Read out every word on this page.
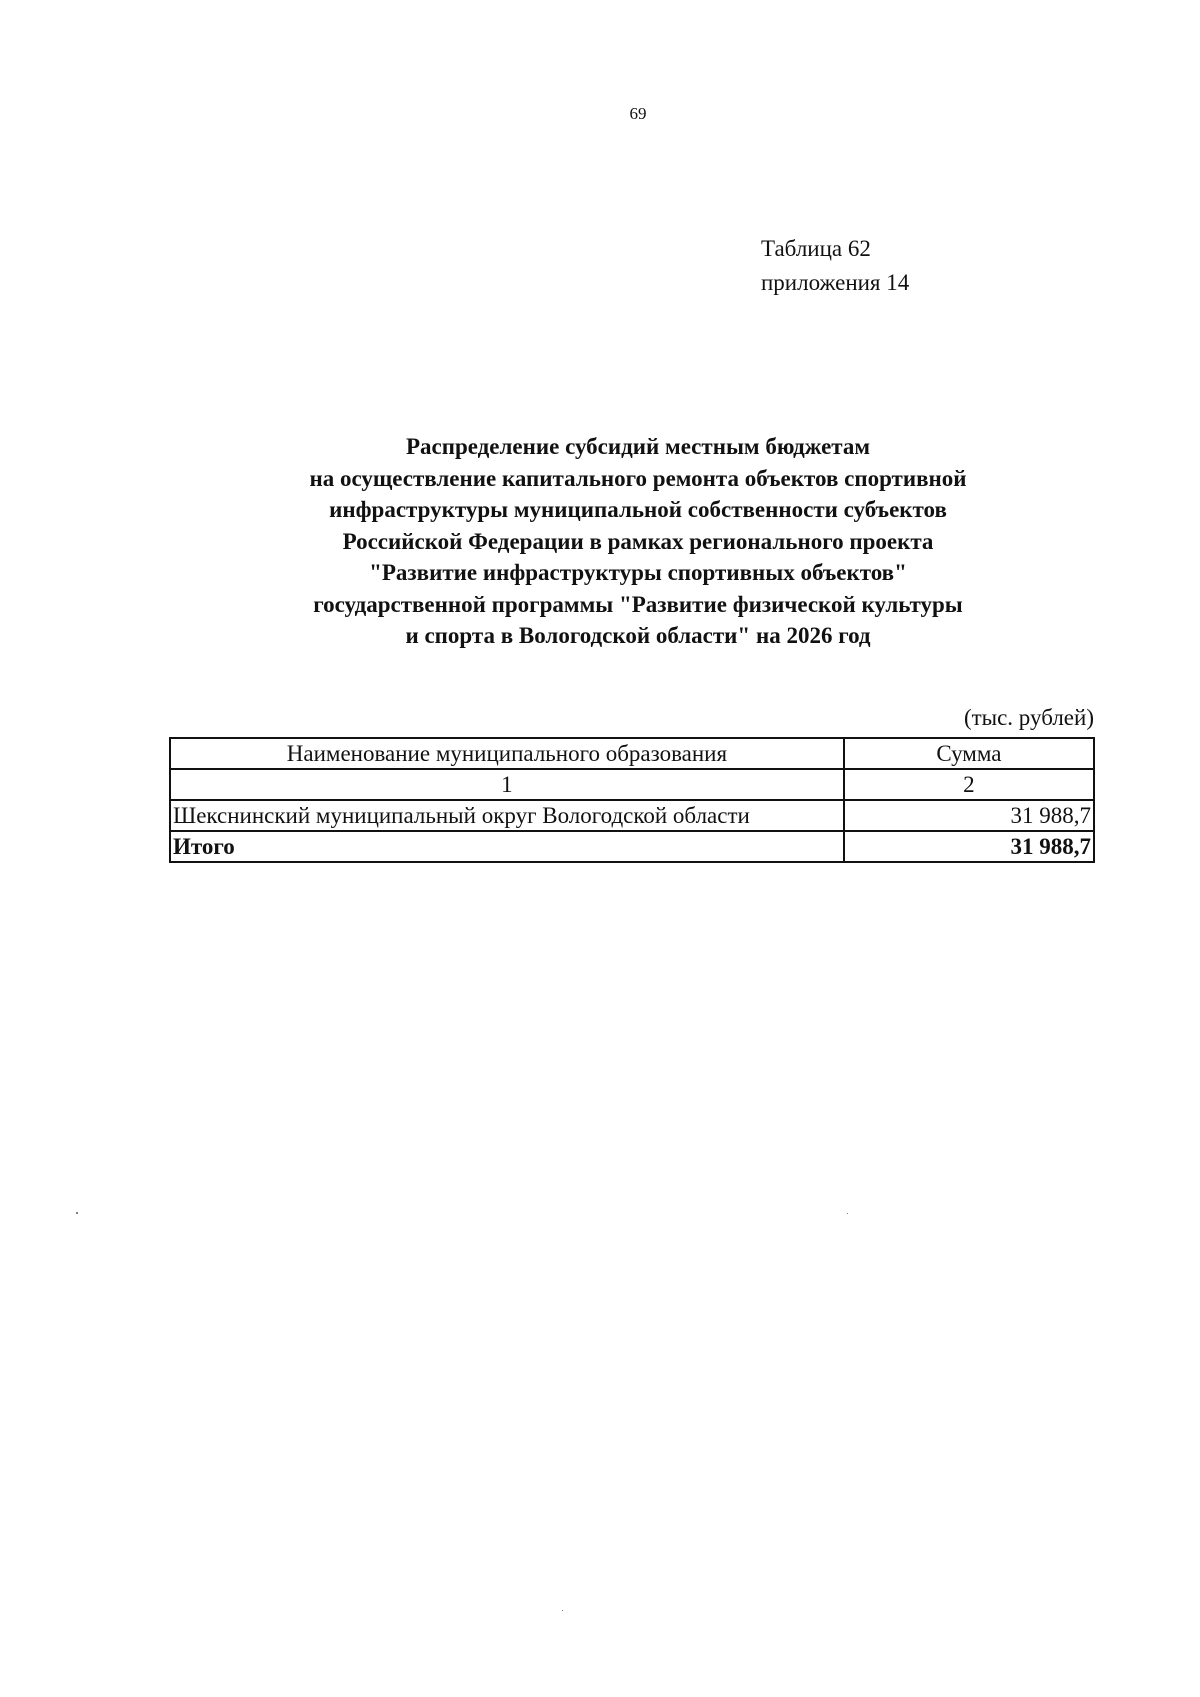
69
Таблица 62
приложения 14
Распределение субсидий местным бюджетам
на осуществление капитального ремонта объектов спортивной
инфраструктуры муниципальной собственности субъектов
Российской Федерации в рамках регионального проекта
"Развитие инфраструктуры спортивных объектов"
государственной программы "Развитие физической культуры
и спорта в Вологодской области" на 2026 год
(тыс. рублей)
Наименование муниципального образования	Сумма
1	2
Шекснинский муниципальный округ Вологодской области	31 988,7
Итого	31 988,7
